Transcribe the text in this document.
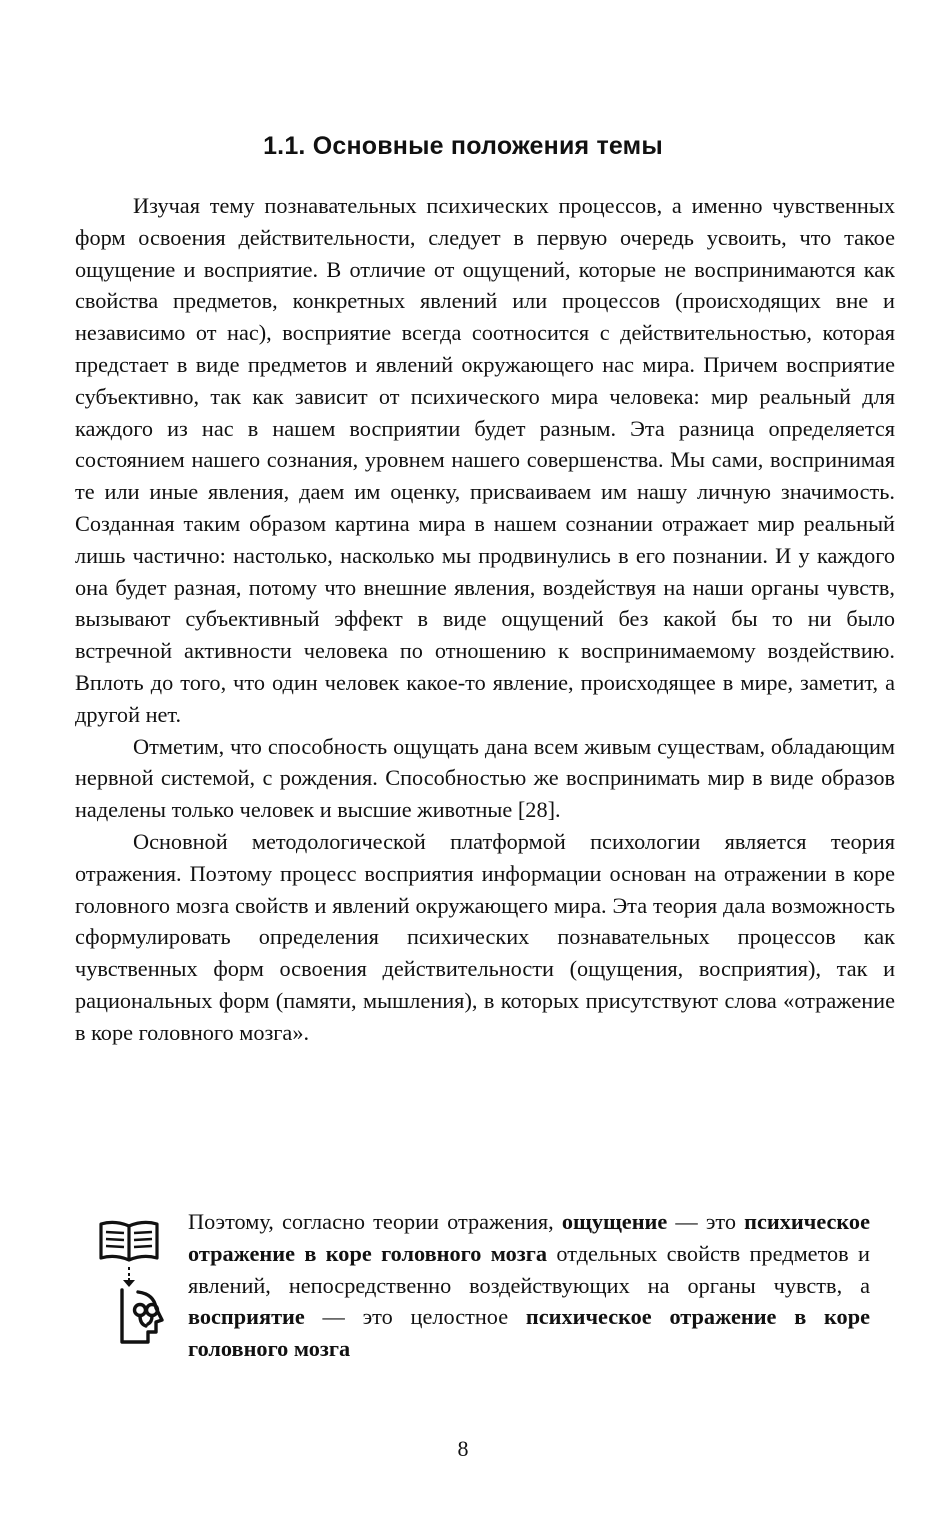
1.1. Основные положения темы

Изучая тему познавательных психических процессов, а именно чувственных форм освоения действительности, следует в первую очередь усвоить, что такое ощущение и восприятие. В отличие от ощущений, которые не воспринимаются как свойства предметов, конкретных явлений или процессов (происходящих вне и независимо от нас), восприятие всегда соотносится с действительностью, которая предстает в виде предметов и явлений окружающего нас мира. Причем восприятие субъективно, так как зависит от психического мира человека: мир реальный для каждого из нас в нашем восприятии будет разным. Эта разница определяется состоянием нашего сознания, уровнем нашего совершенства. Мы сами, воспринимая те или иные явления, даем им оценку, присваиваем им нашу личную значимость. Созданная таким образом картина мира в нашем сознании отражает мир реальный лишь частично: настолько, насколько мы продвинулись в его познании. И у каждого она будет разная, потому что внешние явления, воздействуя на наши органы чувств, вызывают субъективный эффект в виде ощущений без какой бы то ни было встречной активности человека по отношению к воспринимаемому воздействию. Вплоть до того, что один человек какое-то явление, происходящее в мире, заметит, а другой нет.

Отметим, что способность ощущать дана всем живым существам, обладающим нервной системой, с рождения. Способностью же воспринимать мир в виде образов наделены только человек и высшие животные [28].

Основной методологической платформой психологии является теория отражения. Поэтому процесс восприятия информации основан на отражении в коре головного мозга свойств и явлений окружающего мира. Эта теория дала возможность сформулировать определения психических познавательных процессов как чувственных форм освоения действительности (ощущения, восприятия), так и рациональных форм (памяти, мышления), в которых присутствуют слова «отражение в коре головного мозга».

Поэтому, согласно теории отражения, ощущение — это психическое отражение в коре головного мозга отдельных свойств предметов и явлений, непосредственно воздействующих на органы чувств, а восприятие — это целостное психическое отражение в коре головного мозга

8
